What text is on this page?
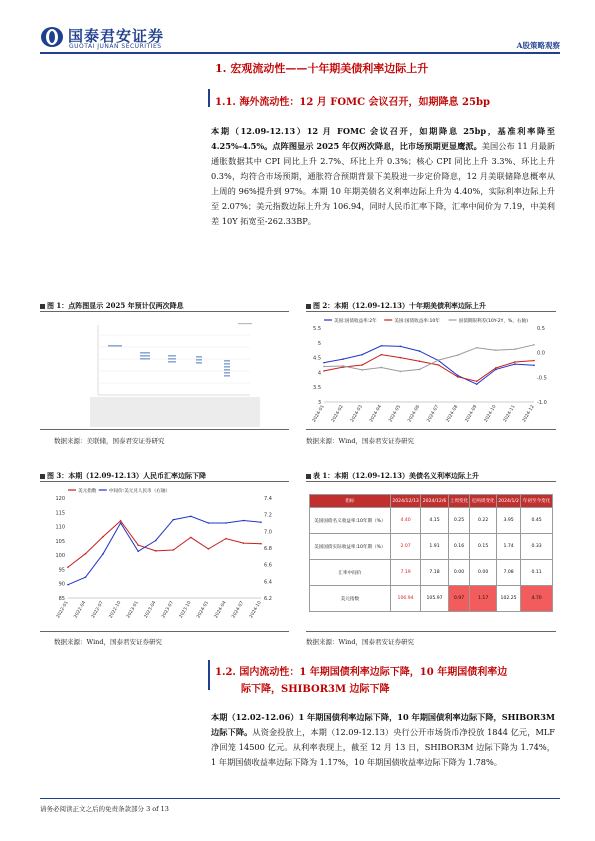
国泰君安证券
GUOTAI JUNAN SECURITIES	A股策略观察
1. 宏观流动性——十年期美债利率边际上升
1.1. 海外流动性：12 月 FOMC 会议召开，如期降息 25bp
本期（12.09-12.13）12 月 FOMC 会议召开，如期降息 25bp，基准利率降至 4.25%-4.5%。点阵图显示 2025 年仅两次降息，比市场预期更显鹰派。美国公布 11 月最新通胀数据其中 CPI 同比上升 2.7%、环比上升 0.3%；核心 CPI 同比上升 3.3%、环比上升 0.3%，均符合市场预期，通胀符合预期背景下美股进一步定价降息，12 月美联储降息概率从上周的 96%提升到 97%。本期 10 年期美债名义利率边际上升为 4.40%，实际利率边际上升至 2.07%；美元指数边际上升为 106.94，同时人民币汇率下降，汇率中间价为 7.19，中美利差 10Y 拓宽至-262.33BP。
图 1：点阵图显示 2025 年预计仅两次降息
数据来源：美联储，国泰君安证券研究
图 2：本期（12.09-12.13）十年期美债利率边际上升
3
3.5
4
4.5
5
5.5
-1.0
-0.5
0.0
0.5
2024-01 2024-02 2024-03 2024-04 2024-05 2024-06 2024-07 2024-08 2024-09 2024-10 2024-11 2024-12
美国:国债收益率:2年	美国:国债收益率:10年	国债期限利差(10Y-2Y，%，右轴)
数据来源：Wind，国泰君安证券研究
图 3：本期（12.09-12.13）人民币汇率边际下降
85
90
95
100
105
110
115
120
6.2
6.4
6.6
6.8
7.0
7.2
7.4
2022-01 2022-04 2022-07 2022-10 2023-01 2023-04 2023-07 2023-10 2024-01 2024-04 2024-07 2024-10
美元指数	中间价:美元兑人民币（右轴）
数据来源：Wind，国泰君安证券研究
表 1：本期（12.09-12.13）美债名义利率边际上升
指标	2024/12/13	2024/12/6	上周变化	近两周变化	2024/1/2	年初至今变化
美国国债名义收益率:10年期（%）	4.40	4.15	0.25	0.22	3.95	0.45
美国国债实际收益率:10年期（%）	2.07	1.91	0.16	0.15	1.74	0.33
汇率中间价	7.19	7.18	0.00	0.00	7.08	0.11
美元指数	106.94	105.97	0.97	1.17	102.25	4.70
数据来源：Wind，国泰君安证券研究
1.2. 国内流动性：1 年期国债利率边际下降，10 年期国债利率边
际下降，SHIBOR3M 边际下降
本期（12.02-12.06）1 年期国债利率边际下降，10 年期国债利率边际下降，SHIBOR3M 边际下降。从资金投放上，本期（12.09-12.13）央行公开市场货币净投放 1844 亿元，MLF 净回笼 14500 亿元。从利率表现上，截至 12 月 13 日，SHIBOR3M 边际下降为 1.74%，1 年期国债收益率边际下降为 1.17%，10 年期国债收益率边际下降为 1.78%。
请务必阅读正文之后的免责条款部分 3 of 13
